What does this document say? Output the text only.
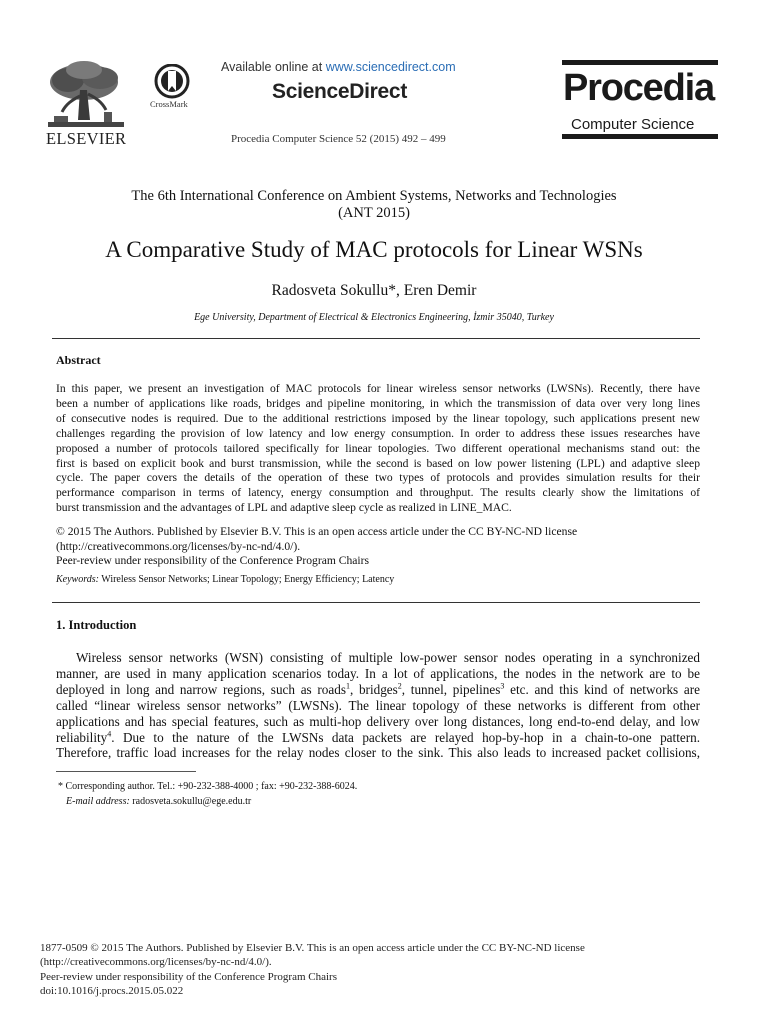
ELSEVIER
CrossMark
Available online at www.sciencedirect.com
ScienceDirect
Procedia Computer Science 52 (2015) 492 – 499
Procedia
Computer Science
The 6th International Conference on Ambient Systems, Networks and Technologies
(ANT 2015)
A Comparative Study of MAC protocols for Linear WSNs
Radosveta Sokullu*, Eren Demir
Ege University, Department of Electrical & Electronics Engineering, İzmir 35040, Turkey
Abstract
In this paper, we present an investigation of MAC protocols for linear wireless sensor networks (LWSNs). Recently, there have
been a number of applications like roads, bridges and pipeline monitoring, in which the transmission of data over very long lines
of consecutive nodes is required. Due to the additional restrictions imposed by the linear topology, such applications present new
challenges regarding the provision of low latency and low energy consumption. In order to address these issues researches have
proposed a number of protocols tailored specifically for linear topologies. Two different operational mechanisms stand out: the
first is based on explicit book and burst transmission, while the second is based on low power listening (LPL) and adaptive sleep
cycle. The paper covers the details of the operation of these two types of protocols and provides simulation results for their
performance comparison in terms of latency, energy consumption and throughput. The results clearly show the limitations of
burst transmission and the advantages of LPL and adaptive sleep cycle as realized in LINE_MAC.
© 2015 The Authors. Published by Elsevier B.V. This is an open access article under the CC BY-NC-ND license
(http://creativecommons.org/licenses/by-nc-nd/4.0/).
Peer-review under responsibility of the Conference Program Chairs
Keywords: Wireless Sensor Networks; Linear Topology; Energy Efficiency; Latency
1. Introduction
Wireless sensor networks (WSN) consisting of multiple low-power sensor nodes operating in a synchronized
manner, are used in many application scenarios today. In a lot of applications, the nodes in the network are to be
deployed in long and narrow regions, such as roads$^1$, bridges$^2$, tunnel, pipelines$^3$ etc. and this kind of networks are
called “linear wireless sensor networks” (LWSNs). The linear topology of these networks is different from other
applications and has special features, such as multi-hop delivery over long distances, long end-to-end delay, and low
reliability$^4$. Due to the nature of the LWSNs data packets are relayed hop-by-hop in a chain-to-one pattern.
Therefore, traffic load increases for the relay nodes closer to the sink. This also leads to increased packet collisions,
* Corresponding author. Tel.: +90-232-388-4000 ; fax: +90-232-388-6024.
E-mail address: radosveta.sokullu@ege.edu.tr
1877-0509 © 2015 The Authors. Published by Elsevier B.V. This is an open access article under the CC BY-NC-ND license
(http://creativecommons.org/licenses/by-nc-nd/4.0/).
Peer-review under responsibility of the Conference Program Chairs
doi:10.1016/j.procs.2015.05.022
